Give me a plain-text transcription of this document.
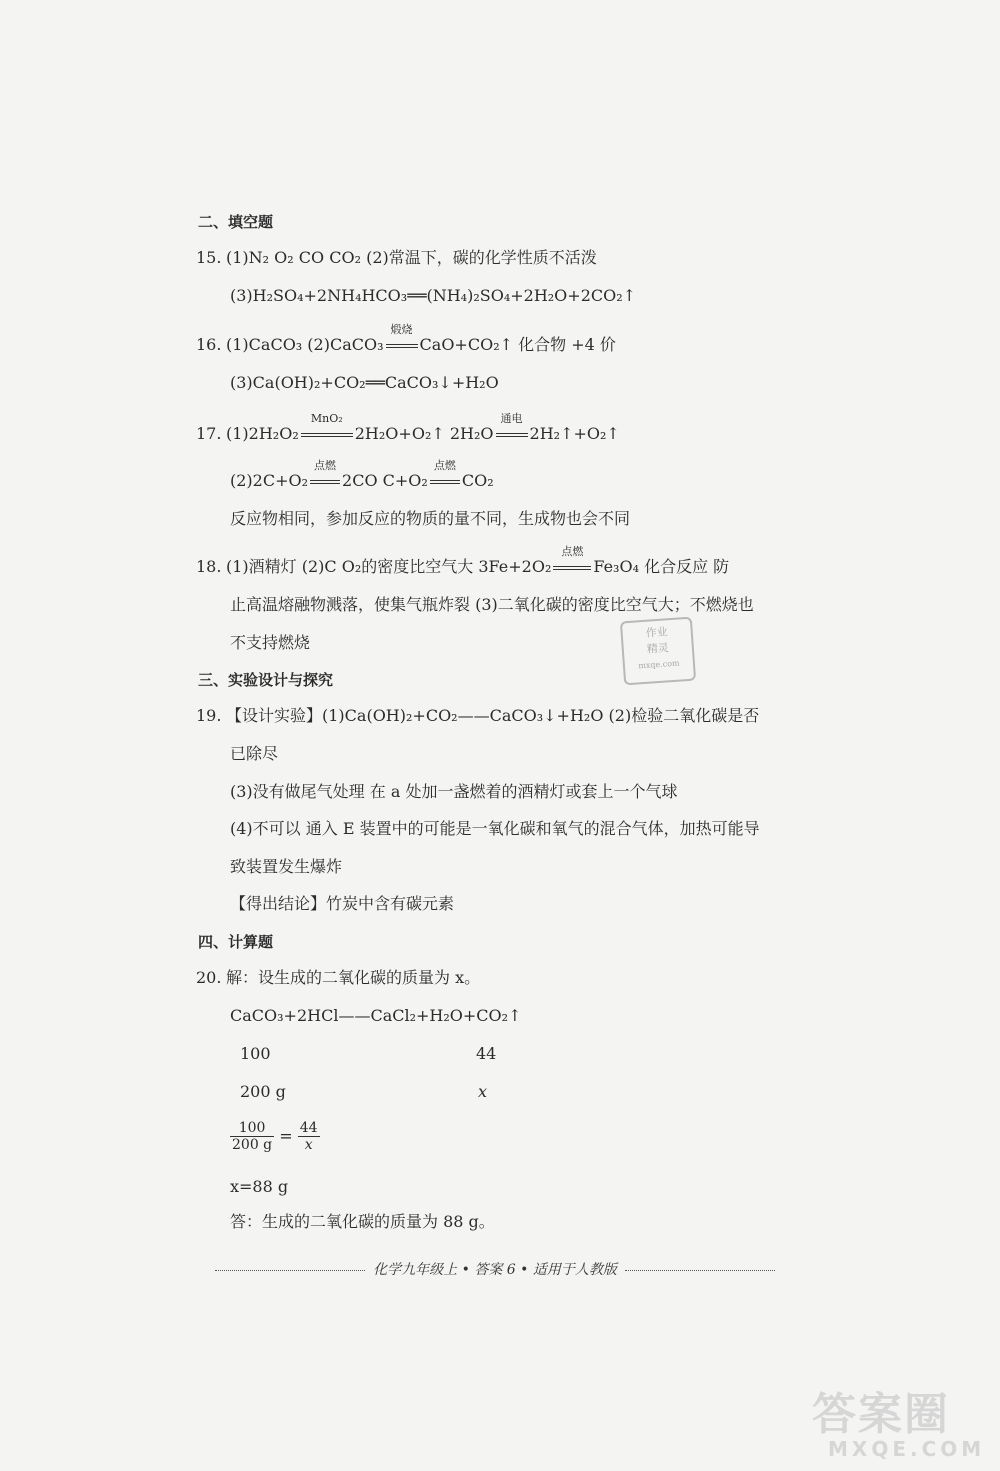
二、填空题
15. (1)N₂ O₂ CO CO₂ (2)常温下，碳的化学性质不活泼
(3)H₂SO₄+2NH₄HCO₃══(NH₄)₂SO₄+2H₂O+2CO₂↑
16. (1)CaCO₃ (2)CaCO₃
煅烧
CaO+CO₂↑ 化合物 +4 价
(3)Ca(OH)₂+CO₂══CaCO₃↓+H₂O
17. (1)2H₂O₂
MnO₂
2H₂O+O₂↑ 2H₂O
通电
2H₂↑+O₂↑
(2)2C+O₂
点燃
2CO C+O₂
点燃
CO₂
反应物相同，参加反应的物质的量不同，生成物也会不同
18. (1)酒精灯 (2)C O₂的密度比空气大 3Fe+2O₂
点燃
Fe₃O₄ 化合反应 防
止高温熔融物溅落，使集气瓶炸裂 (3)二氧化碳的密度比空气大；不燃烧也
不支持燃烧
作业
精灵
mxqe.com
三、实验设计与探究
19. 【设计实验】(1)Ca(OH)₂+CO₂——CaCO₃↓+H₂O (2)检验二氧化碳是否
已除尽
(3)没有做尾气处理 在 a 处加一盏燃着的酒精灯或套上一个气球
(4)不可以 通入 E 装置中的可能是一氧化碳和氧气的混合气体，加热可能导
致装置发生爆炸
【得出结论】竹炭中含有碳元素
四、计算题
20. 解：设生成的二氧化碳的质量为 x。
CaCO₃+2HCl——CaCl₂+H₂O+CO₂↑
100	44
200 g	x
$\frac{100}{200 g} = \frac{44}{x}$
x=88 g
答：生成的二氧化碳的质量为 88 g。
化学九年级上 • 答案 6 • 适用于人教版
答案圈
MXQE.COM
